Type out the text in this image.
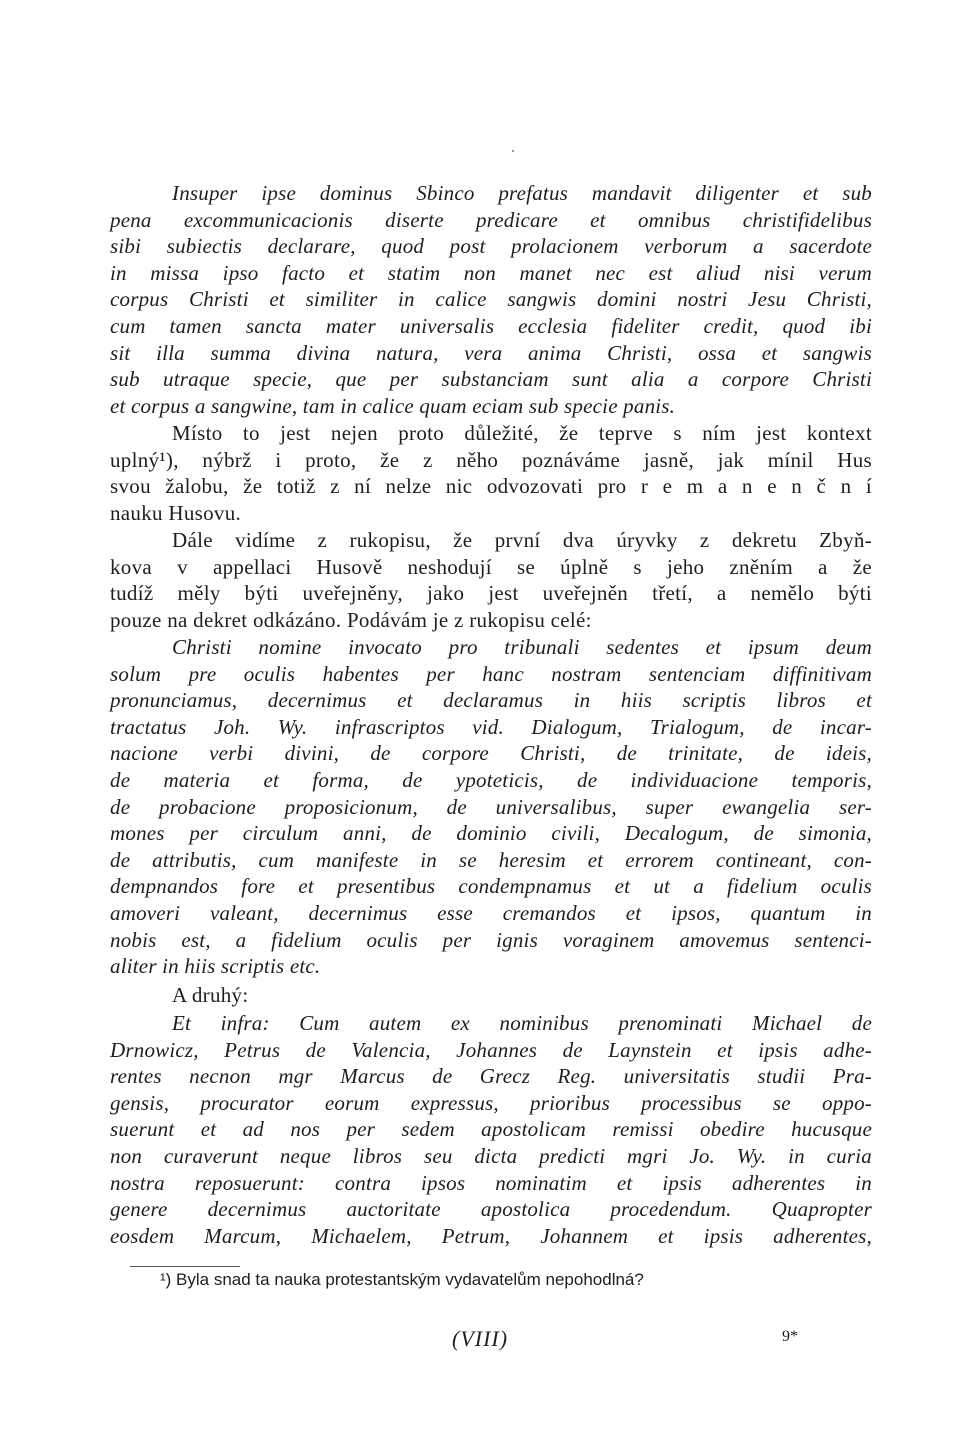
Insuper ipse dominus Sbinco prefatus mandavit diligenter et sub
pena excommunicacionis diserte predicare et omnibus christifidelibus
sibi subiectis declarare, quod post prolacionem verborum a sacerdote
in missa ipso facto et statim non manet nec est aliud nisi verum
corpus Christi et similiter in calice sangwis domini nostri Jesu Christi,
cum tamen sancta mater universalis ecclesia fideliter credit, quod ibi
sit illa summa divina natura, vera anima Christi, ossa et sangwis
sub utraque specie, que per substanciam sunt alia a corpore Christi
et corpus a sangwine, tam in calice quam eciam sub specie panis.
Místo to jest nejen proto důležité, že teprve s ním jest kontext
uplný¹), nýbrž i proto, že z něho poznáváme jasně, jak mínil Hus
svou žalobu, že totiž z ní nelze nic odvozovati pro r e m a n e n č n í
nauku Husovu.
Dále vidíme z rukopisu, že první dva úryvky z dekretu Zbyň-
kova v appellaci Husově neshodují se úplně s jeho zněním a že
tudíž měly býti uveřejněny, jako jest uveřejněn třetí, a nemělo býti
pouze na dekret odkázáno. Podávám je z rukopisu celé:
Christi nomine invocato pro tribunali sedentes et ipsum deum
solum pre oculis habentes per hanc nostram sentenciam diffinitivam
pronunciamus, decernimus et declaramus in hiis scriptis libros et
tractatus Joh. Wy. infrascriptos vid. Dialogum, Trialogum, de incar-
nacione verbi divini, de corpore Christi, de trinitate, de ideis,
de materia et forma, de ypoteticis, de individuacione temporis,
de probacione proposicionum, de universalibus, super ewangelia ser-
mones per circulum anni, de dominio civili, Decalogum, de simonia,
de attributis, cum manifeste in se heresim et errorem contineant, con-
dempnandos fore et presentibus condempnamus et ut a fidelium oculis
amoveri valeant, decernimus esse cremandos et ipsos, quantum in
nobis est, a fidelium oculis per ignis voraginem amovemus sentenci-
aliter in hiis scriptis etc.
A druhý:
Et infra: Cum autem ex nominibus prenominati Michael de
Drnowicz, Petrus de Valencia, Johannes de Laynstein et ipsis adhe-
rentes necnon mgr Marcus de Grecz Reg. universitatis studii Pra-
gensis, procurator eorum expressus, prioribus processibus se oppo-
suerunt et ad nos per sedem apostolicam remissi obedire hucusque
non curaverunt neque libros seu dicta predicti mgri Jo. Wy. in curia
nostra reposuerunt: contra ipsos nominatim et ipsis adherentes in
genere decernimus auctoritate apostolica procedendum. Quapropter
eosdem Marcum, Michaelem, Petrum, Johannem et ipsis adherentes,
¹) Byla snad ta nauka protestantským vydavatelům nepohodlná?
(VIII)	9*
